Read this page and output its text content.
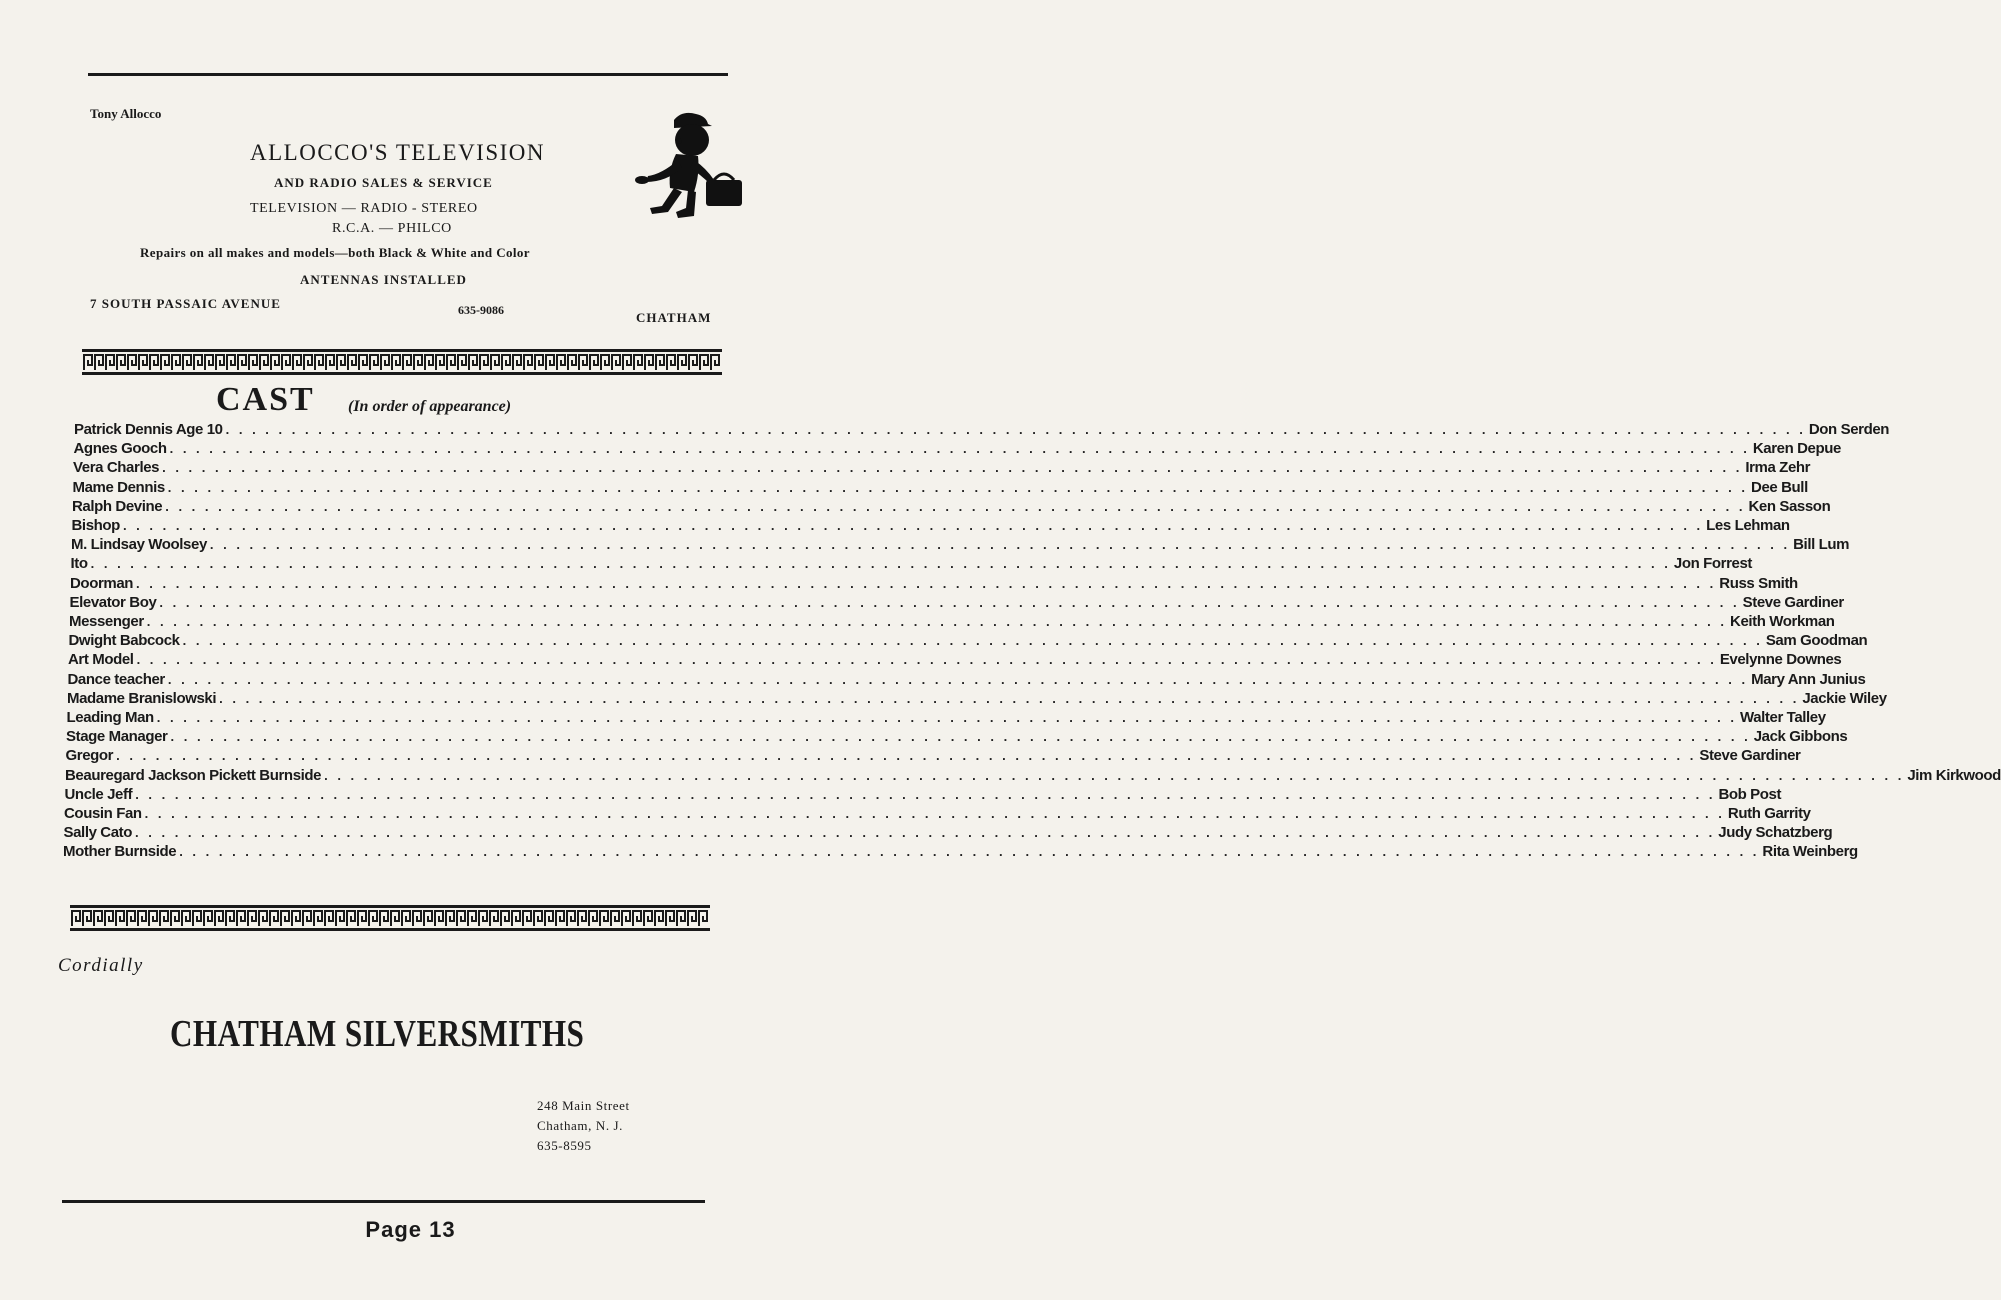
Tony Allocco
ALLOCCO'S TELEVISION
AND RADIO SALES & SERVICE
TELEVISION — RADIO - STEREO
R.C.A. — PHILCO
Repairs on all makes and models—both Black & White and Color
ANTENNAS INSTALLED
7 SOUTH PASSAIC AVENUE	635-9086	CHATHAM
CAST (In order of appearance)
Patrick Dennis Age 10 . . . . . . . . . . . . . . . . . . . . . . . . . . . . . . . . . . . . . . . . . . . . . . . . . . . . . . . . . . . . . . . . . . . . . . . . . . . . . . . . . . . . . . . . . . . . . . . . . . . . . . . . . . . . . . . . . . . . . . . . Don Serden
Agnes Gooch . . . . . . . . . . . . . . . . . . . . . . . . . . . . . . . . . . . . . . . . . . . . . . . . . . . . . . . . . . . . . . . . . . . . . . . . . . . . . . . . . . . . . . . . . . . . . . . . . . . . . . . . . . . . . . . . . . . . . . . . Karen Depue
Vera Charles . . . . . . . . . . . . . . . . . . . . . . . . . . . . . . . . . . . . . . . . . . . . . . . . . . . . . . . . . . . . . . . . . . . . . . . . . . . . . . . . . . . . . . . . . . . . . . . . . . . . . . . . . . . . . . . . . . . . . . . . Irma Zehr
Mame Dennis . . . . . . . . . . . . . . . . . . . . . . . . . . . . . . . . . . . . . . . . . . . . . . . . . . . . . . . . . . . . . . . . . . . . . . . . . . . . . . . . . . . . . . . . . . . . . . . . . . . . . . . . . . . . . . . . . . . . . . . . Dee Bull
Ralph Devine . . . . . . . . . . . . . . . . . . . . . . . . . . . . . . . . . . . . . . . . . . . . . . . . . . . . . . . . . . . . . . . . . . . . . . . . . . . . . . . . . . . . . . . . . . . . . . . . . . . . . . . . . . . . . . . . . . . . . . . . Ken Sasson
Bishop . . . . . . . . . . . . . . . . . . . . . . . . . . . . . . . . . . . . . . . . . . . . . . . . . . . . . . . . . . . . . . . . . . . . . . . . . . . . . . . . . . . . . . . . . . . . . . . . . . . . . . . . . . . . . . . . . . . . . . . . Les Lehman
M. Lindsay Woolsey . . . . . . . . . . . . . . . . . . . . . . . . . . . . . . . . . . . . . . . . . . . . . . . . . . . . . . . . . . . . . . . . . . . . . . . . . . . . . . . . . . . . . . . . . . . . . . . . . . . . . . . . . . . . . . . . . . . . . . . . Bill Lum
Ito . . . . . . . . . . . . . . . . . . . . . . . . . . . . . . . . . . . . . . . . . . . . . . . . . . . . . . . . . . . . . . . . . . . . . . . . . . . . . . . . . . . . . . . . . . . . . . . . . . . . . . . . . . . . . . . . . . . . . . . . Jon Forrest
Doorman . . . . . . . . . . . . . . . . . . . . . . . . . . . . . . . . . . . . . . . . . . . . . . . . . . . . . . . . . . . . . . . . . . . . . . . . . . . . . . . . . . . . . . . . . . . . . . . . . . . . . . . . . . . . . . . . . . . . . . . . Russ Smith
Elevator Boy . . . . . . . . . . . . . . . . . . . . . . . . . . . . . . . . . . . . . . . . . . . . . . . . . . . . . . . . . . . . . . . . . . . . . . . . . . . . . . . . . . . . . . . . . . . . . . . . . . . . . . . . . . . . . . . . . . . . . . . . Steve Gardiner
Messenger . . . . . . . . . . . . . . . . . . . . . . . . . . . . . . . . . . . . . . . . . . . . . . . . . . . . . . . . . . . . . . . . . . . . . . . . . . . . . . . . . . . . . . . . . . . . . . . . . . . . . . . . . . . . . . . . . . . . . . . . Keith Workman
Dwight Babcock . . . . . . . . . . . . . . . . . . . . . . . . . . . . . . . . . . . . . . . . . . . . . . . . . . . . . . . . . . . . . . . . . . . . . . . . . . . . . . . . . . . . . . . . . . . . . . . . . . . . . . . . . . . . . . . . . . . . . . . . Sam Goodman
Art Model . . . . . . . . . . . . . . . . . . . . . . . . . . . . . . . . . . . . . . . . . . . . . . . . . . . . . . . . . . . . . . . . . . . . . . . . . . . . . . . . . . . . . . . . . . . . . . . . . . . . . . . . . . . . . . . . . . . . . . . . Evelynne Downes
Dance teacher . . . . . . . . . . . . . . . . . . . . . . . . . . . . . . . . . . . . . . . . . . . . . . . . . . . . . . . . . . . . . . . . . . . . . . . . . . . . . . . . . . . . . . . . . . . . . . . . . . . . . . . . . . . . . . . . . . . . . . . . Mary Ann Junius
Madame Branislowski . . . . . . . . . . . . . . . . . . . . . . . . . . . . . . . . . . . . . . . . . . . . . . . . . . . . . . . . . . . . . . . . . . . . . . . . . . . . . . . . . . . . . . . . . . . . . . . . . . . . . . . . . . . . . . . . . . . . . . . . Jackie Wiley
Leading Man . . . . . . . . . . . . . . . . . . . . . . . . . . . . . . . . . . . . . . . . . . . . . . . . . . . . . . . . . . . . . . . . . . . . . . . . . . . . . . . . . . . . . . . . . . . . . . . . . . . . . . . . . . . . . . . . . . . . . . . . Walter Talley
Stage Manager . . . . . . . . . . . . . . . . . . . . . . . . . . . . . . . . . . . . . . . . . . . . . . . . . . . . . . . . . . . . . . . . . . . . . . . . . . . . . . . . . . . . . . . . . . . . . . . . . . . . . . . . . . . . . . . . . . . . . . . . Jack Gibbons
Gregor . . . . . . . . . . . . . . . . . . . . . . . . . . . . . . . . . . . . . . . . . . . . . . . . . . . . . . . . . . . . . . . . . . . . . . . . . . . . . . . . . . . . . . . . . . . . . . . . . . . . . . . . . . . . . . . . . . . . . . . . Steve Gardiner
Beauregard Jackson Pickett Burnside . . . . . . . . . . . . . . . . . . . . . . . . . . . . . . . . . . . . . . . . . . . . . . . . . . . . . . . . . . . . . . . . . . . . . . . . . . . . . . . . . . . . . . . . . . . . . . . . . . . . . . . . . . . . . . . . . . . . . . . . Jim Kirkwood
Uncle Jeff . . . . . . . . . . . . . . . . . . . . . . . . . . . . . . . . . . . . . . . . . . . . . . . . . . . . . . . . . . . . . . . . . . . . . . . . . . . . . . . . . . . . . . . . . . . . . . . . . . . . . . . . . . . . . . . . . . . . . . . . Bob Post
Cousin Fan . . . . . . . . . . . . . . . . . . . . . . . . . . . . . . . . . . . . . . . . . . . . . . . . . . . . . . . . . . . . . . . . . . . . . . . . . . . . . . . . . . . . . . . . . . . . . . . . . . . . . . . . . . . . . . . . . . . . . . . . Ruth Garrity
Sally Cato . . . . . . . . . . . . . . . . . . . . . . . . . . . . . . . . . . . . . . . . . . . . . . . . . . . . . . . . . . . . . . . . . . . . . . . . . . . . . . . . . . . . . . . . . . . . . . . . . . . . . . . . . . . . . . . . . . . . . . . . Judy Schatzberg
Mother Burnside . . . . . . . . . . . . . . . . . . . . . . . . . . . . . . . . . . . . . . . . . . . . . . . . . . . . . . . . . . . . . . . . . . . . . . . . . . . . . . . . . . . . . . . . . . . . . . . . . . . . . . . . . . . . . . . . . . . . . . . . Rita Weinberg
Cordially
CHATHAM SILVERSMITHS
248 Main Street
Chatham, N. J.
635-8595
Page 13
